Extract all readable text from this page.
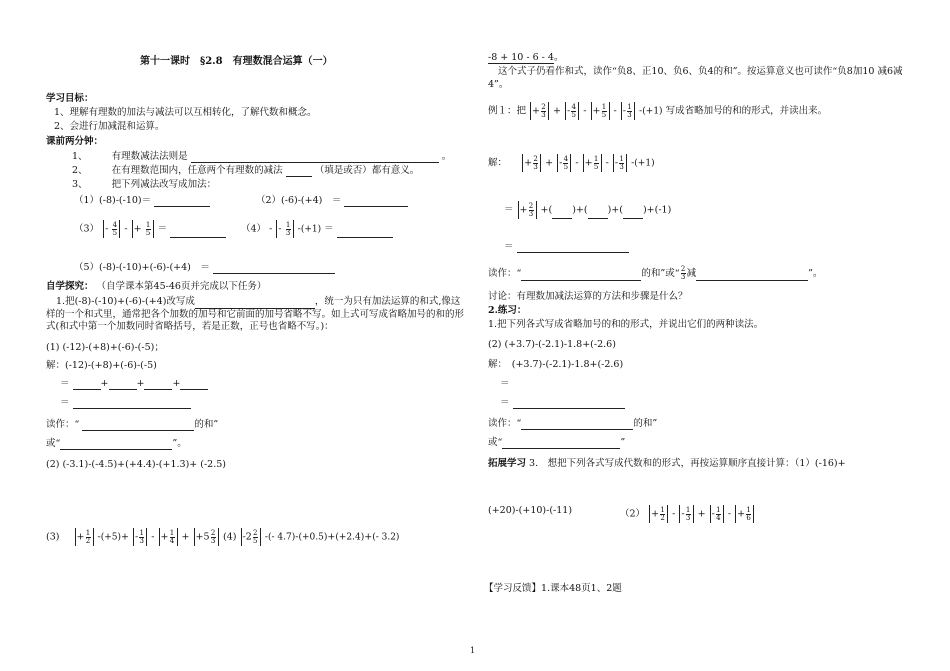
第十一课时　§2.8　有理数混合运算（一）
学习目标：
1、理解有理数的加法与减法可以互相转化，了解代数和概念。
2、会进行加减混和运算。
课前两分钟：
1、	有理数减法法则是	。
2、	在有理数范围内，任意两个有理数的减法	（填是或否）都有意义。
3、	把下列减法改写成加法：
（1）(-8)-(-10)＝	（2）(-6)-(+4)　＝
$(3) - \frac{4}{5}$ - + $\frac{1}{5}$ ＝	（4） - - $\frac{1}{3} -(+1)$ ＝
（5）(-8)-(-10)+(-6)-(+4)　＝
自学探究： （自学课本第45-46页并完成以下任务）
1.把(-8)-(-10)+(-6)-(+4)改写成	，统一为只有加法运算的和式,像这样的一个和式里，通常把各个加数的加号和它前面的加号省略不写。如上式可写成省略加号的和的形式(和式中第一个加数同时省略括号，若是正数，正号也省略不写。)：
(1) (-12)-(+8)+(-6)-(-5)；
解：(-12)-(+8)+(-6)-(-5)
＝	+	+	+
＝
读作：“	的和”
或“	”。
(2) (-3.1)-(-4.5)+(+4.4)-(+1.3)+ (-2.5)
$(3) + \frac{1}{2} -(+5)+ - \frac{1}{3}$ - + $\frac{1}{4} + +5 \frac{2}{3} (4)$ $-2 \frac{2}{5}$ -(- 4.7)-(+0.5)+(+2.4)+(- 3.2)
-8 + 10 - 6 - 4。
这个式子仍看作和式，读作“负8、正10、负6、负4的和”。按运算意义也可读作“负8加10 减6减4”。
例１：把 + $\frac{2}{3}$ + - $\frac{4}{5}$ - + $\frac{1}{5}$ - - $\frac{1}{3} -(+1)$ 写成省略加号的和的形式，并读出来。
解： + $\frac{2}{3}$ + - $\frac{4}{5}$ - + $\frac{1}{5}$ - - $\frac{1}{3} -(+1)$
＝ + $\frac{2}{3}$ +( )+( )+( )+(-1)
＝
读作：“	的和”或“ $\frac{2}{3}$ 减	”。
讨论：有理数加减法运算的方法和步骤是什么？
2.练习：
1.把下列各式写成省略加号的和的形式，并说出它们的两种读法。
(2) (+3.7)-(-2.1)-1.8+(-2.6)
解：　(+3.7)-(-2.1)-1.8+(-2.6)
＝
＝
读作：“	的和”
或“	”
拓展学习 3.　想把下列各式写成代数和的形式，再按运算顺序直接计算：（1）(-16)+
(+20)-(+10)-(-11)	$(2) + \frac{1}{2}$ - - $\frac{1}{3}$ + - $\frac{1}{4}$ - + $\frac{1}{6}$
【学习反馈】1.课本48页1、2题
1
